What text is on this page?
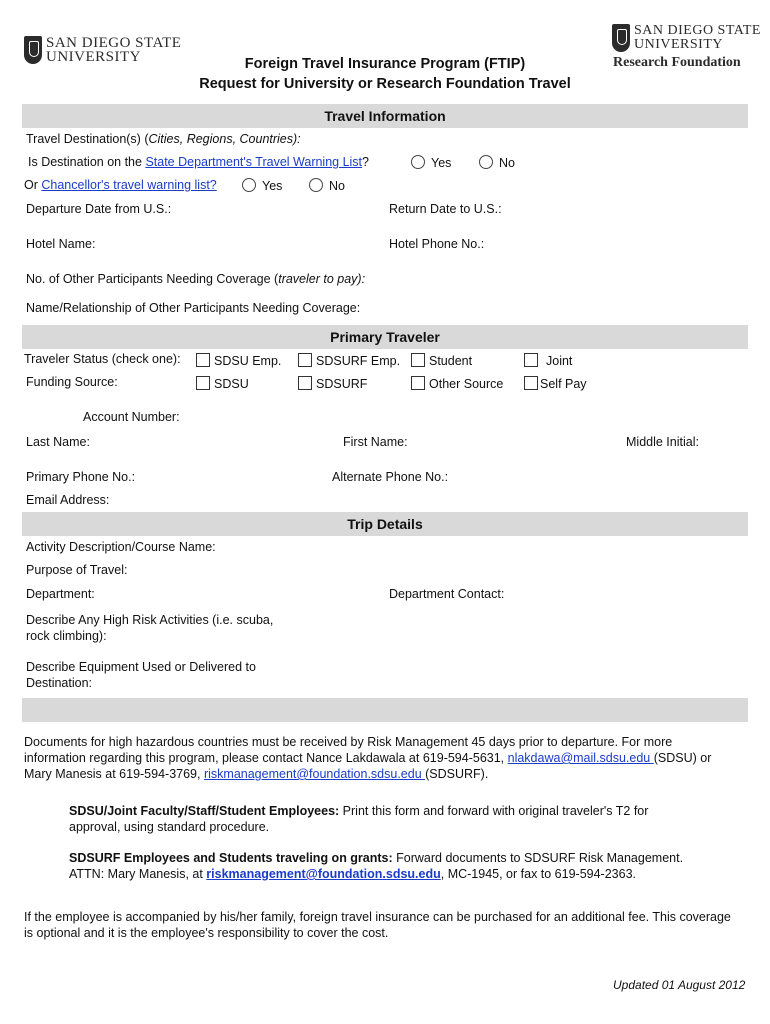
SAN DIEGO STATE
UNIVERSITY
SAN DIEGO STATE
UNIVERSITY
Research Foundation
Foreign Travel Insurance Program (FTIP)
Request for University or Research Foundation Travel
Travel Information
Travel Destination(s) (Cities, Regions, Countries):
Is Destination on the State Department's Travel Warning List?	Yes	No
Or Chancellor's travel warning list?	Yes	No
Departure Date from U.S.:	Return Date to U.S.:
Hotel Name:	Hotel Phone No.:
No. of Other Participants Needing Coverage (traveler to pay):
Name/Relationship of Other Participants Needing Coverage:
Primary Traveler
Traveler Status (check one):	SDSU Emp.	SDSURF Emp.	Student	Joint
Funding Source:	SDSU	SDSURF	Other Source	Self Pay
Account Number:
Last Name:	First Name:	Middle Initial:
Primary Phone No.:	Alternate Phone No.:
Email Address:
Trip Details
Activity Description/Course Name:
Purpose of Travel:
Department:	Department Contact:
Describe Any High Risk Activities (i.e. scuba,
rock climbing):
Describe Equipment Used or Delivered to
Destination:
Documents for high hazardous countries must be received by Risk Management 45 days prior to departure. For more
information regarding this program, please contact Nance Lakdawala at 619-594-5631, nlakdawa@mail.sdsu.edu (SDSU) or
Mary Manesis at 619-594-3769, riskmanagement@foundation.sdsu.edu (SDSURF).
SDSU/Joint Faculty/Staff/Student Employees: Print this form and forward with original traveler's T2 for
approval, using standard procedure.
SDSURF Employees and Students traveling on grants: Forward documents to SDSURF Risk Management.
ATTN: Mary Manesis, at riskmanagement@foundation.sdsu.edu, MC-1945, or fax to 619-594-2363.
If the employee is accompanied by his/her family, foreign travel insurance can be purchased for an additional fee. This coverage
is optional and it is the employee's responsibility to cover the cost.
Updated 01 August 2012
